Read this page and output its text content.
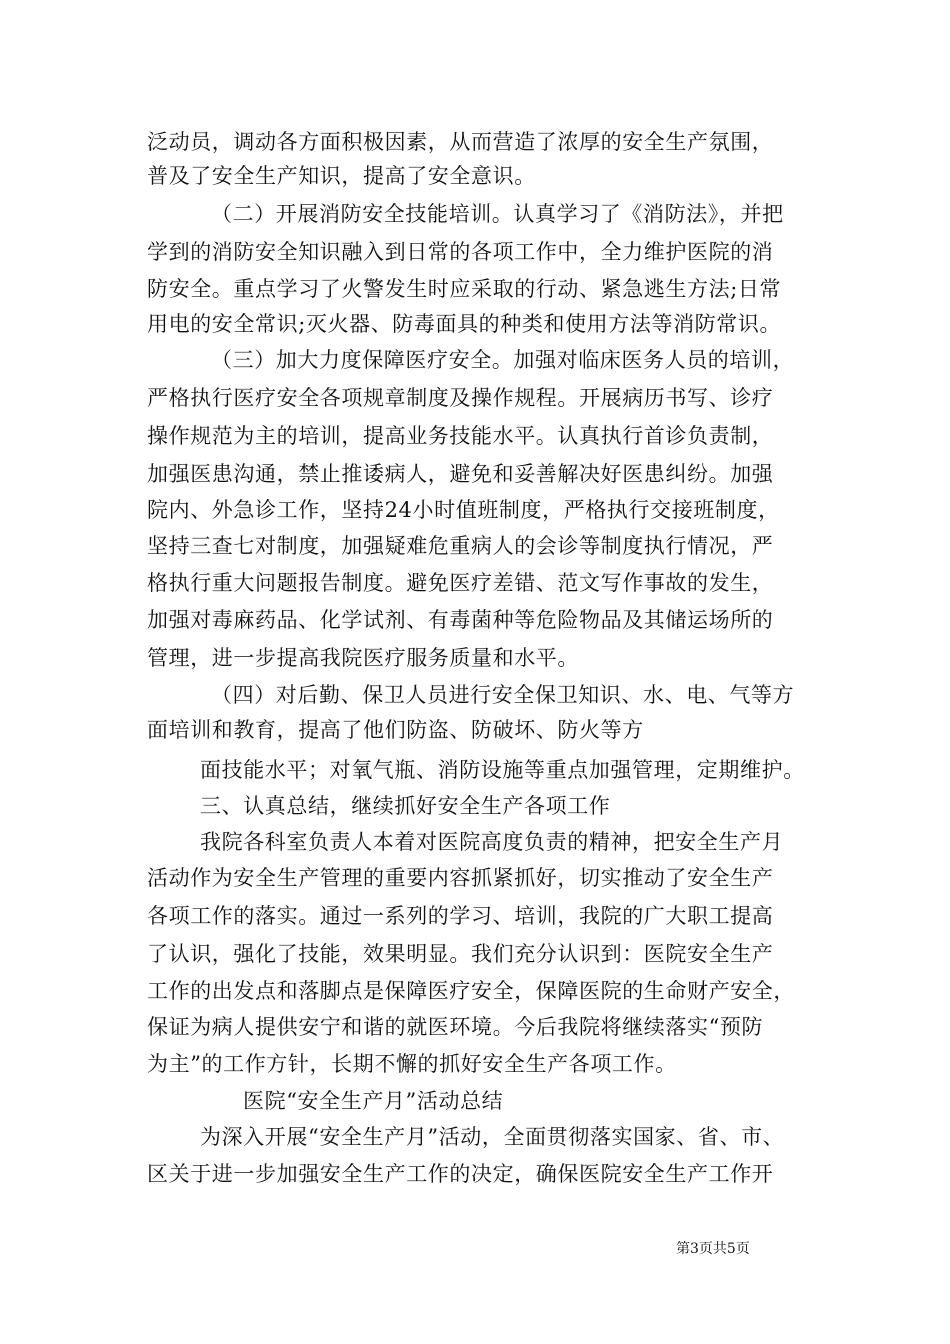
泛动员，调动各方面积极因素，从而营造了浓厚的安全生产氛围，
普及了安全生产知识，提高了安全意识。
（二）开展消防安全技能培训。认真学习了《消防法》，并把
学到的消防安全知识融入到日常的各项工作中，全力维护医院的消
防安全。重点学习了火警发生时应采取的行动、紧急逃生方法;日常
用电的安全常识;灭火器、防毒面具的种类和使用方法等消防常识。
（三）加大力度保障医疗安全。加强对临床医务人员的培训，
严格执行医疗安全各项规章制度及操作规程。开展病历书写、诊疗
操作规范为主的培训，提高业务技能水平。认真执行首诊负责制，
加强医患沟通，禁止推诿病人，避免和妥善解决好医患纠纷。加强
院内、外急诊工作，坚持24小时值班制度，严格执行交接班制度，
坚持三查七对制度，加强疑难危重病人的会诊等制度执行情况，严
格执行重大问题报告制度。避免医疗差错、范文写作事故的发生，
加强对毒麻药品、化学试剂、有毒菌种等危险物品及其储运场所的
管理，进一步提高我院医疗服务质量和水平。
（四）对后勤、保卫人员进行安全保卫知识、水、电、气等方
面培训和教育，提高了他们防盗、防破坏、防火等方
面技能水平；对氧气瓶、消防设施等重点加强管理，定期维护。
三、认真总结，继续抓好安全生产各项工作
我院各科室负责人本着对医院高度负责的精神，把安全生产月
活动作为安全生产管理的重要内容抓紧抓好，切实推动了安全生产
各项工作的落实。通过一系列的学习、培训，我院的广大职工提高
了认识，强化了技能，效果明显。我们充分认识到：医院安全生产
工作的出发点和落脚点是保障医疗安全，保障医院的生命财产安全，
保证为病人提供安宁和谐的就医环境。今后我院将继续落实“预防
为主”的工作方针，长期不懈的抓好安全生产各项工作。
医院“安全生产月”活动总结
为深入开展“安全生产月”活动，全面贯彻落实国家、省、市、
区关于进一步加强安全生产工作的决定，确保医院安全生产工作开
第3页共5页
